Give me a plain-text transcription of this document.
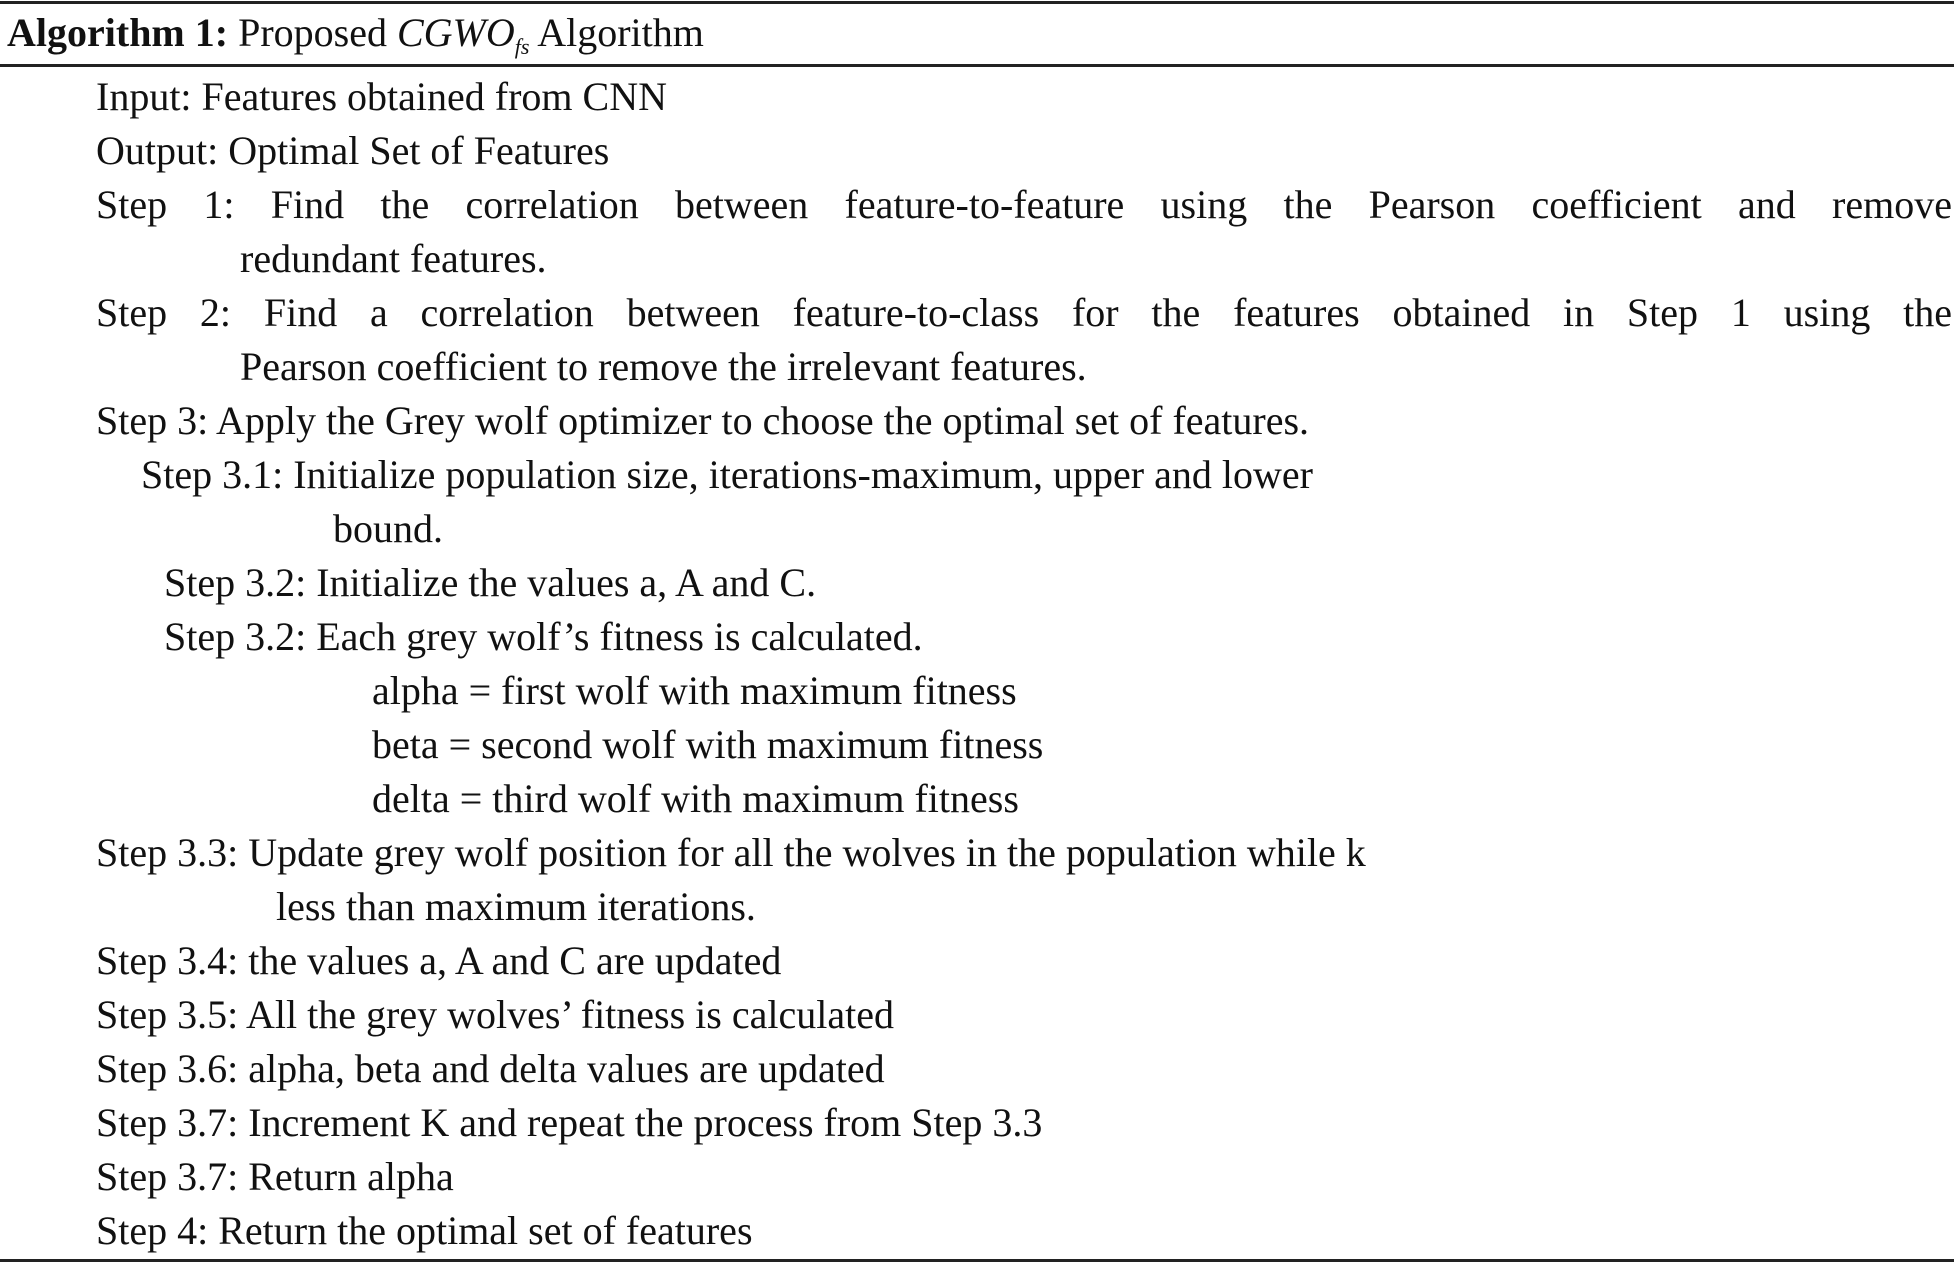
Algorithm 1: Proposed $CGWO_{fs}$ Algorithm
Input: Features obtained from CNN
Output: Optimal Set of Features
Step 1: Find the correlation between feature-to-feature using the Pearson coefficient and remove
redundant features.
Step 2: Find a correlation between feature-to-class for the features obtained in Step 1 using the
Pearson coefficient to remove the irrelevant features.
Step 3: Apply the Grey wolf optimizer to choose the optimal set of features.
Step 3.1: Initialize population size, iterations-maximum, upper and lower
bound.
Step 3.2: Initialize the values a, A and C.
Step 3.2: Each grey wolf’s fitness is calculated.
alpha = first wolf with maximum fitness
beta = second wolf with maximum fitness
delta = third wolf with maximum fitness
Step 3.3: Update grey wolf position for all the wolves in the population while k
less than maximum iterations.
Step 3.4: the values a, A and C are updated
Step 3.5: All the grey wolves’ fitness is calculated
Step 3.6: alpha, beta and delta values are updated
Step 3.7: Increment K and repeat the process from Step 3.3
Step 3.7: Return alpha
Step 4: Return the optimal set of features
